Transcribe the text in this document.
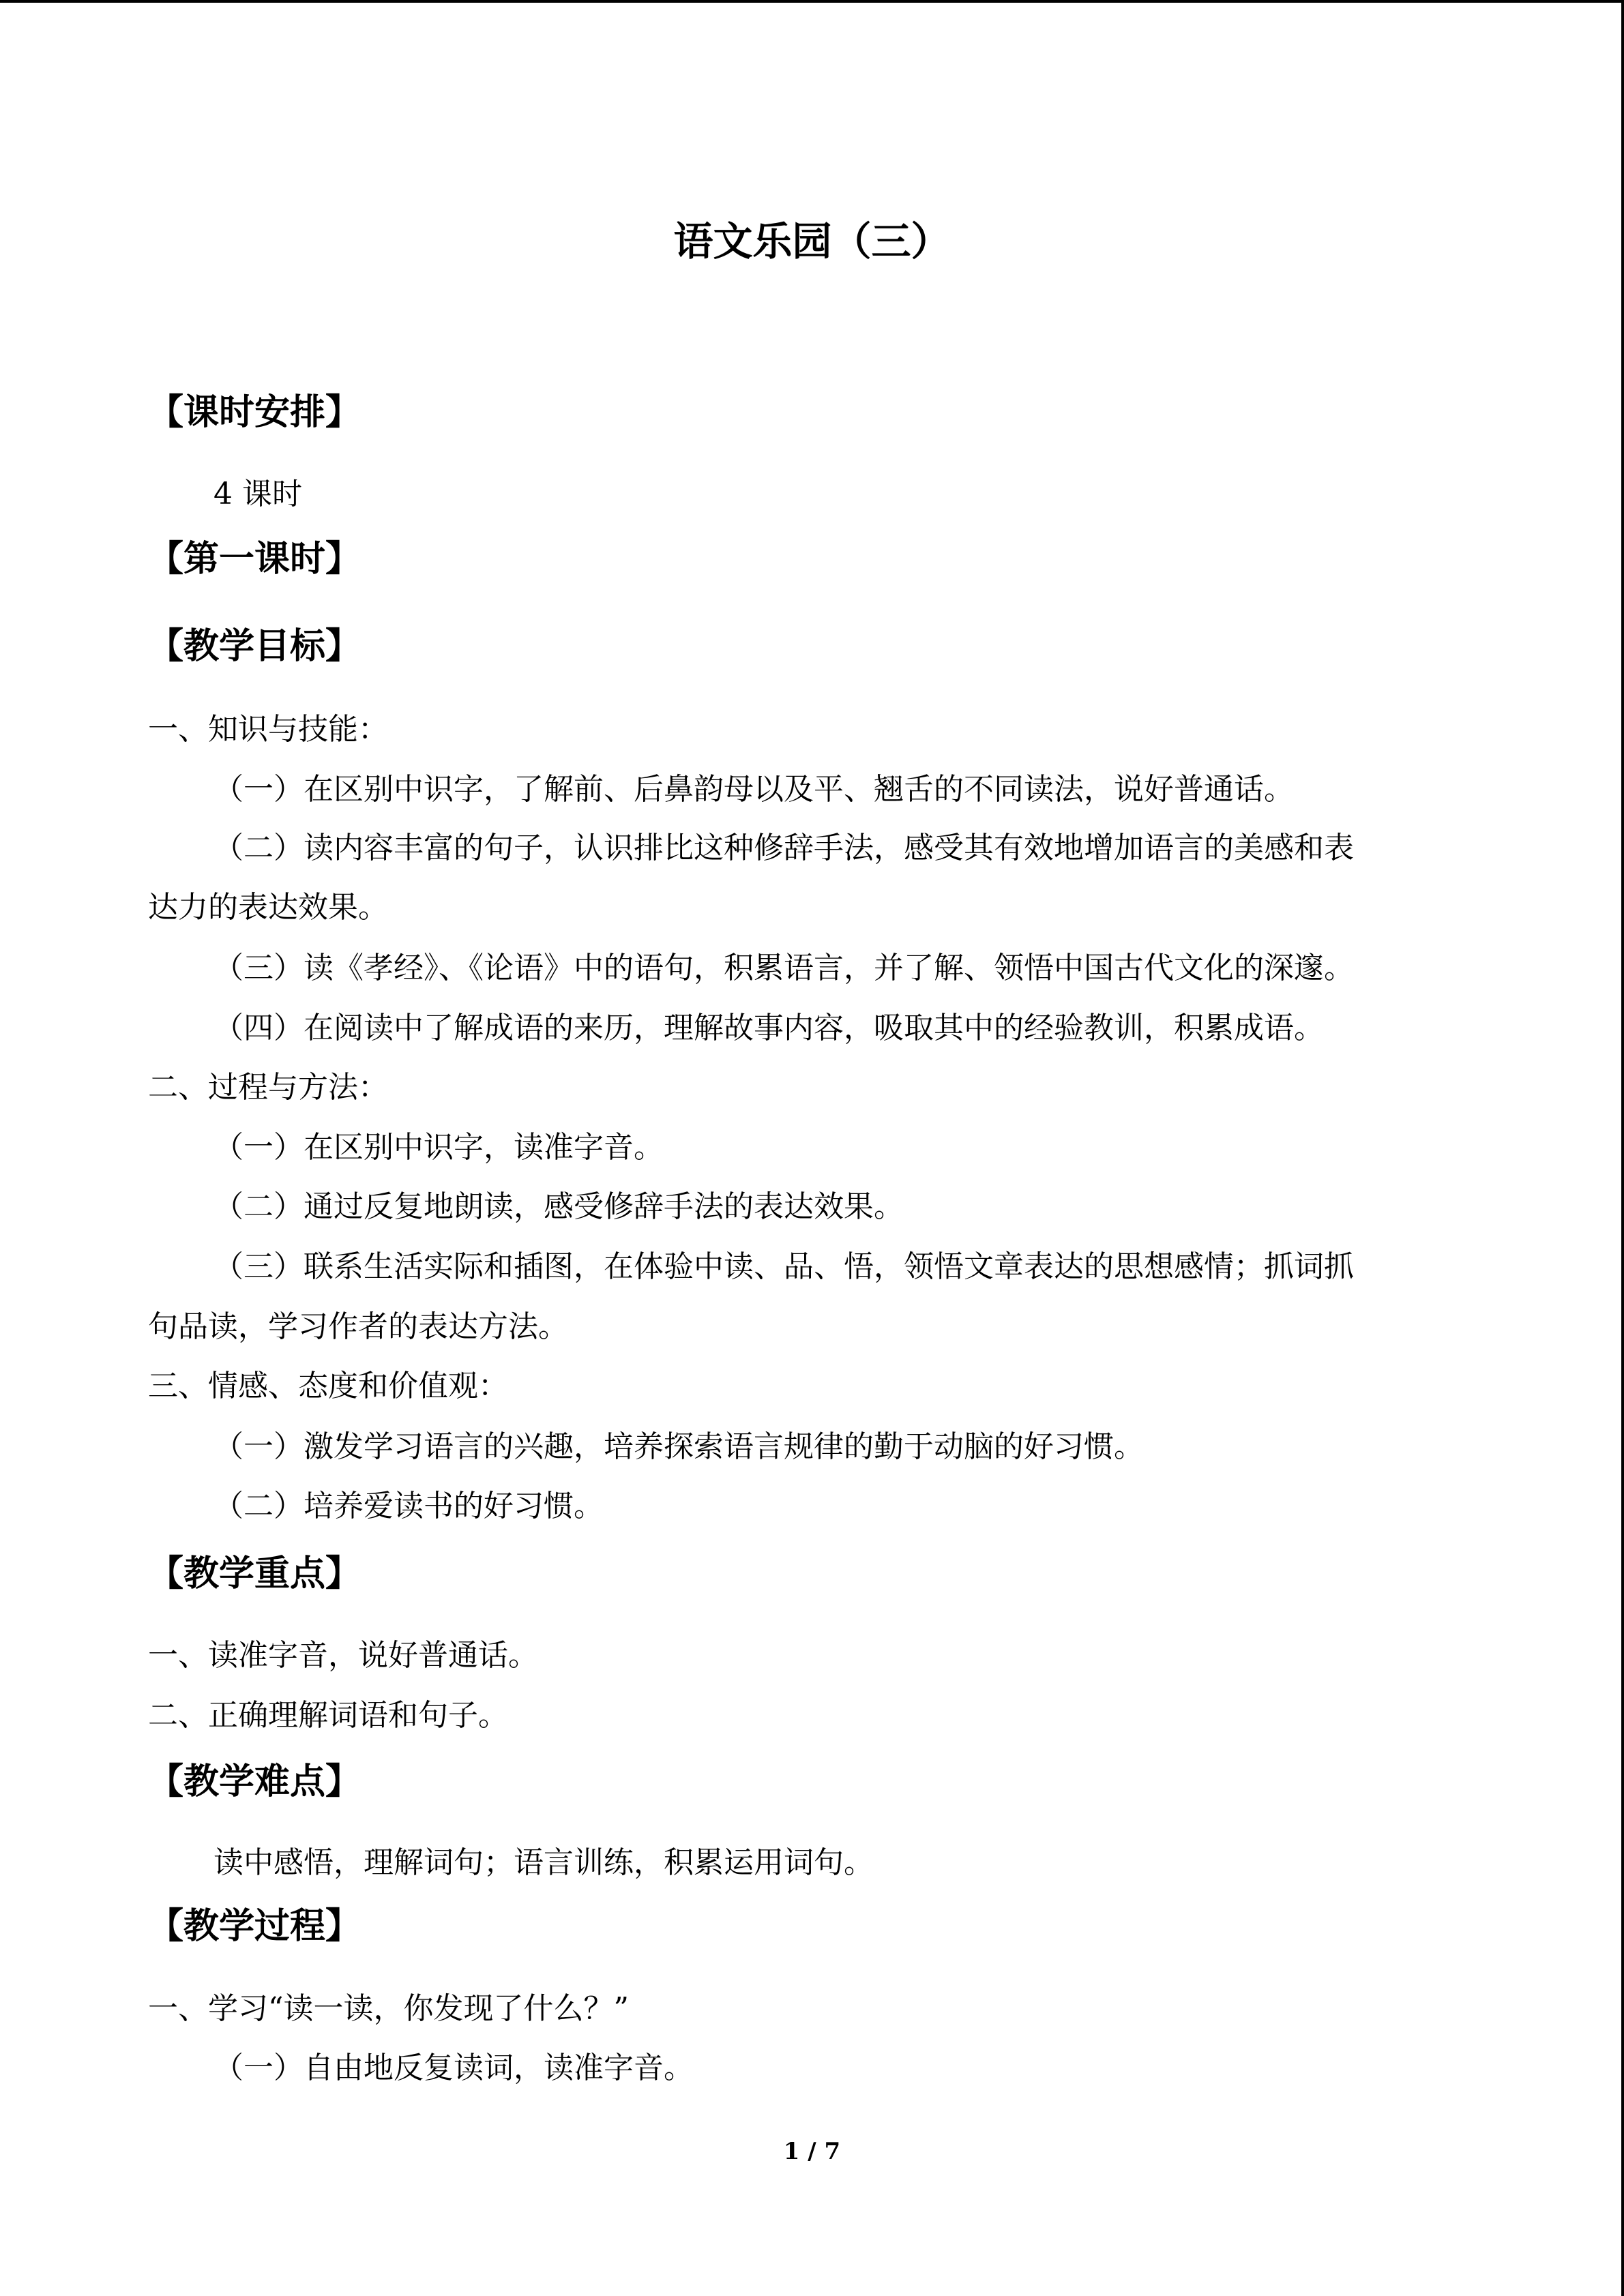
语文乐园（三）
【课时安排】
4 课时
【第一课时】
【教学目标】
一、知识与技能：
（一）在区别中识字，了解前、后鼻韵母以及平、翘舌的不同读法，说好普通话。
（二）读内容丰富的句子，认识排比这种修辞手法，感受其有效地增加语言的美感和表
达力的表达效果。
（三）读《孝经》、《论语》中的语句，积累语言，并了解、领悟中国古代文化的深邃。
（四）在阅读中了解成语的来历，理解故事内容，吸取其中的经验教训，积累成语。
二、过程与方法：
（一）在区别中识字，读准字音。
（二）通过反复地朗读，感受修辞手法的表达效果。
（三）联系生活实际和插图，在体验中读、品、悟，领悟文章表达的思想感情；抓词抓
句品读，学习作者的表达方法。
三、情感、态度和价值观：
（一）激发学习语言的兴趣，培养探索语言规律的勤于动脑的好习惯。
（二）培养爱读书的好习惯。
【教学重点】
一、读准字音，说好普通话。
二、正确理解词语和句子。
【教学难点】
读中感悟，理解词句；语言训练，积累运用词句。
【教学过程】
一、学习“读一读，你发现了什么？”
（一）自由地反复读词，读准字音。
1 / 7
